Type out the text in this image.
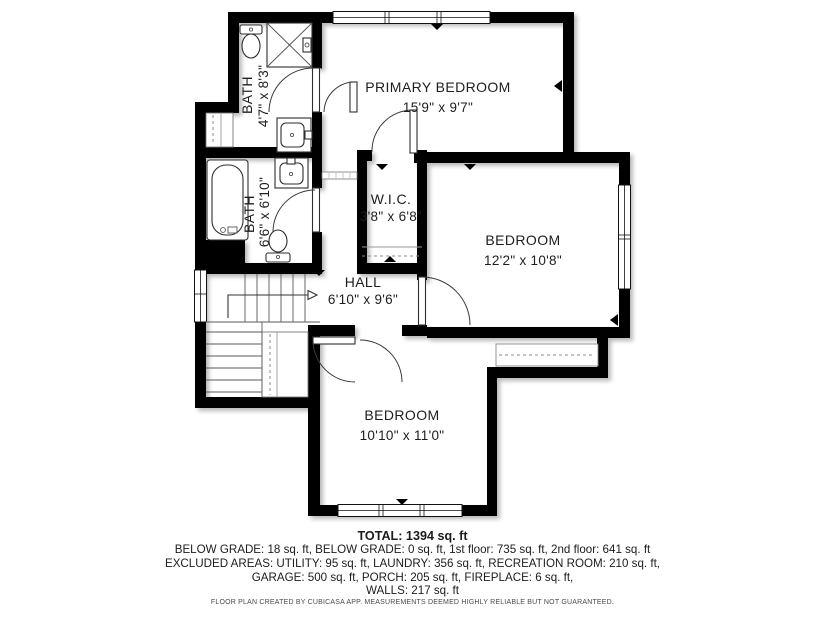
PRIMARY BEDROOM
15'9" x 9'7"
BEDROOM
12'2" x 10'8"
BEDROOM
10'10" x 11'0"
HALL
6'10" x 9'6"
W.I.C.
3'8" x 6'8"
BATH 4'7" x 8'3"
BATH 6'6" x 6'10"
TOTAL: 1394 sq. ft
BELOW GRADE: 18 sq. ft, BELOW GRADE: 0 sq. ft, 1st floor: 735 sq. ft, 2nd floor: 641 sq. ft
EXCLUDED AREAS: UTILITY: 95 sq. ft, LAUNDRY: 356 sq. ft, RECREATION ROOM: 210 sq. ft,
GARAGE: 500 sq. ft, PORCH: 205 sq. ft, FIREPLACE: 6 sq. ft,
WALLS: 217 sq. ft
FLOOR PLAN CREATED BY CUBICASA APP. MEASUREMENTS DEEMED HIGHLY RELIABLE BUT NOT GUARANTEED.
